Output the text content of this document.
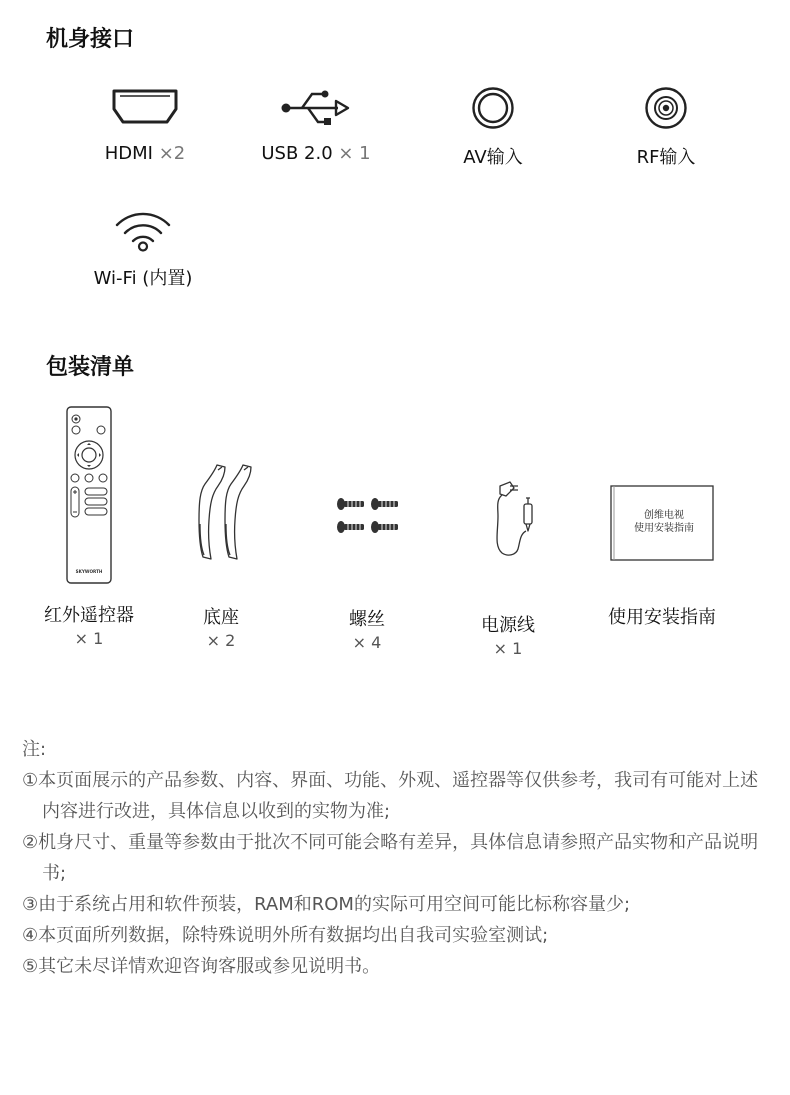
机身接口
HDMI ×2	USB 2.0 × 1	AV输入	RF输入
Wi-Fi (内置)
包装清单
SKYWORTH
红外遥控器
× 1
底座
× 2
螺丝
× 4
电源线
× 1
创维电视
使用安装指南
使用安装指南

注:

①本页面展示的产品参数、内容、界面、功能、外观、遥控器等仅供参考，我司有可能对上述内容进行改进，具体信息以收到的实物为准;

②机身尺寸、重量等参数由于批次不同可能会略有差异，具体信息请参照产品实物和产品说明书;

③由于系统占用和软件预装，RAM和ROM的实际可用空间可能比标称容量少;

④本页面所列数据，除特殊说明外所有数据均出自我司实验室测试;

⑤其它未尽详情欢迎咨询客服或参见说明书。
